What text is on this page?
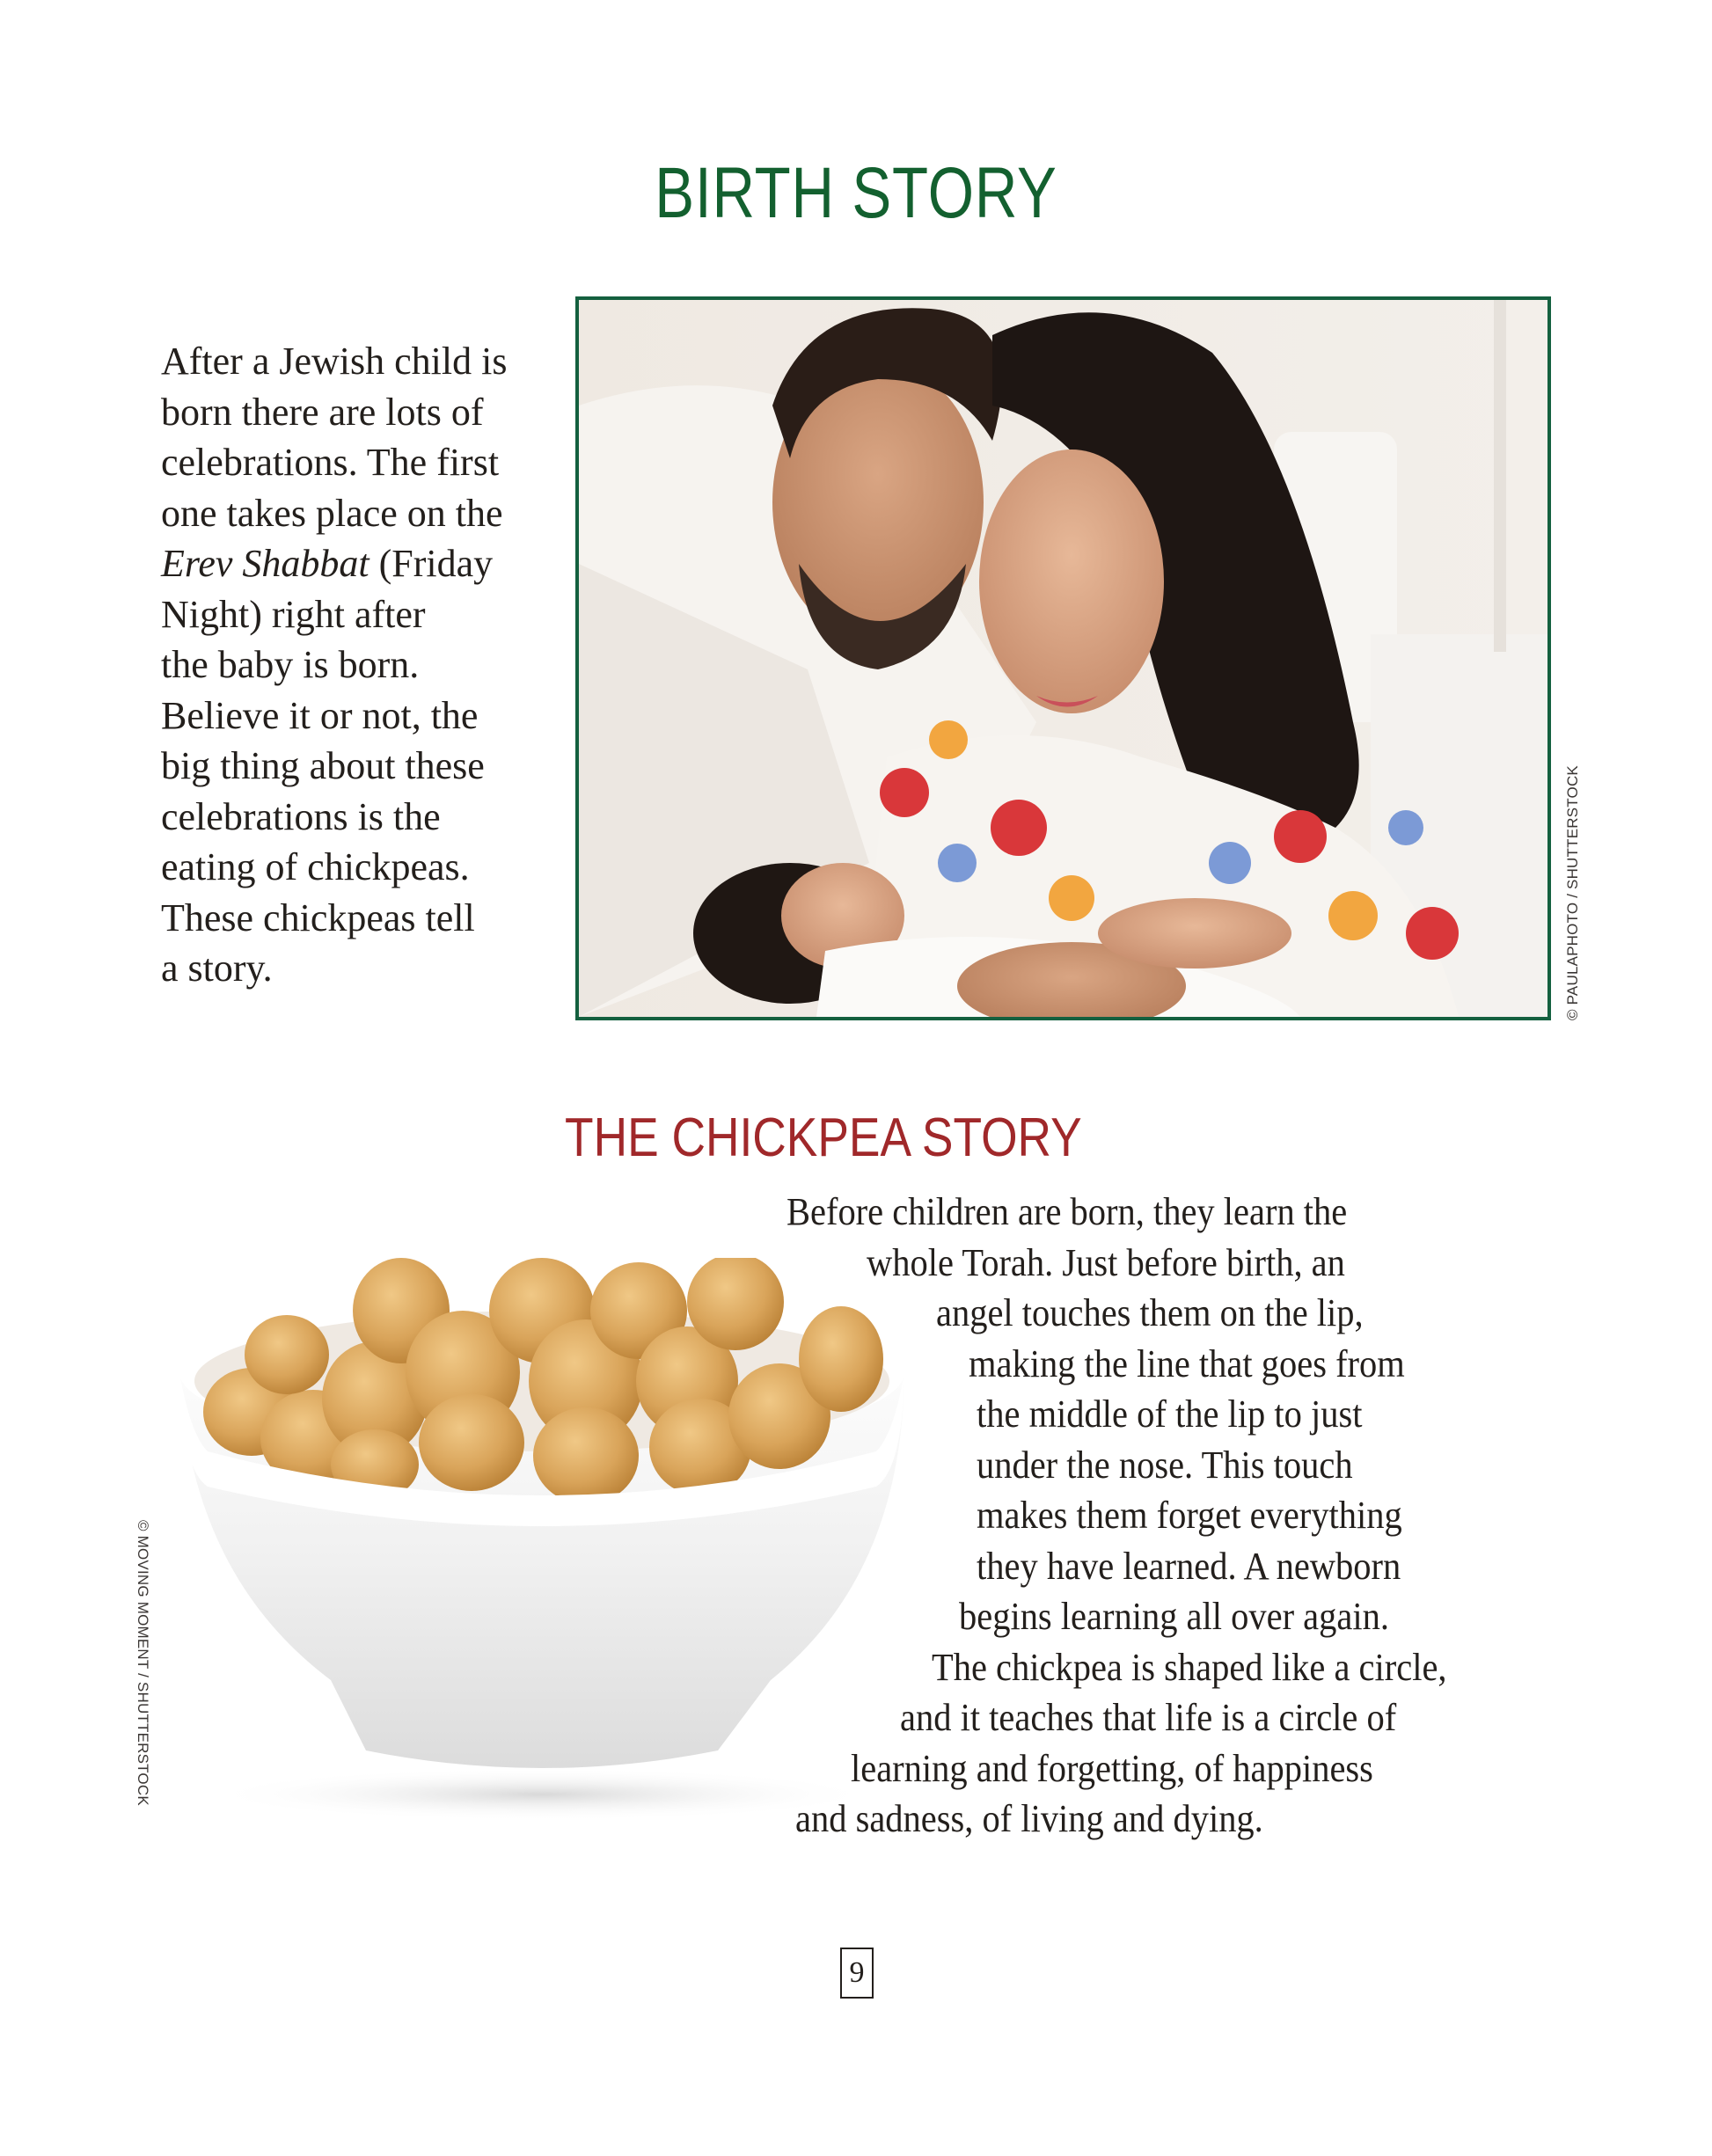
BIRTH STORY

After a Jewish child is
born there are lots of
celebrations. The first
one takes place on the
Erev Shabbat (Friday
Night) right after
the baby is born.
Believe it or not, the
big thing about these
celebrations is the
eating of chickpeas.
These chickpeas tell
a story.	© PAULAPHOTO / SHUTTERSTOCK
THE CHICKPEA STORY
© MOVING MOMENT / SHUTTERSTOCK

Before children are born, they learn the
whole Torah. Just before birth, an
angel touches them on the lip,
making the line that goes from
the middle of the lip to just
under the nose. This touch
makes them forget everything
they have learned. A newborn
begins learning all over again.
The chickpea is shaped like a circle,
and it teaches that life is a circle of
learning and forgetting, of happiness
and sadness, of living and dying.

9
